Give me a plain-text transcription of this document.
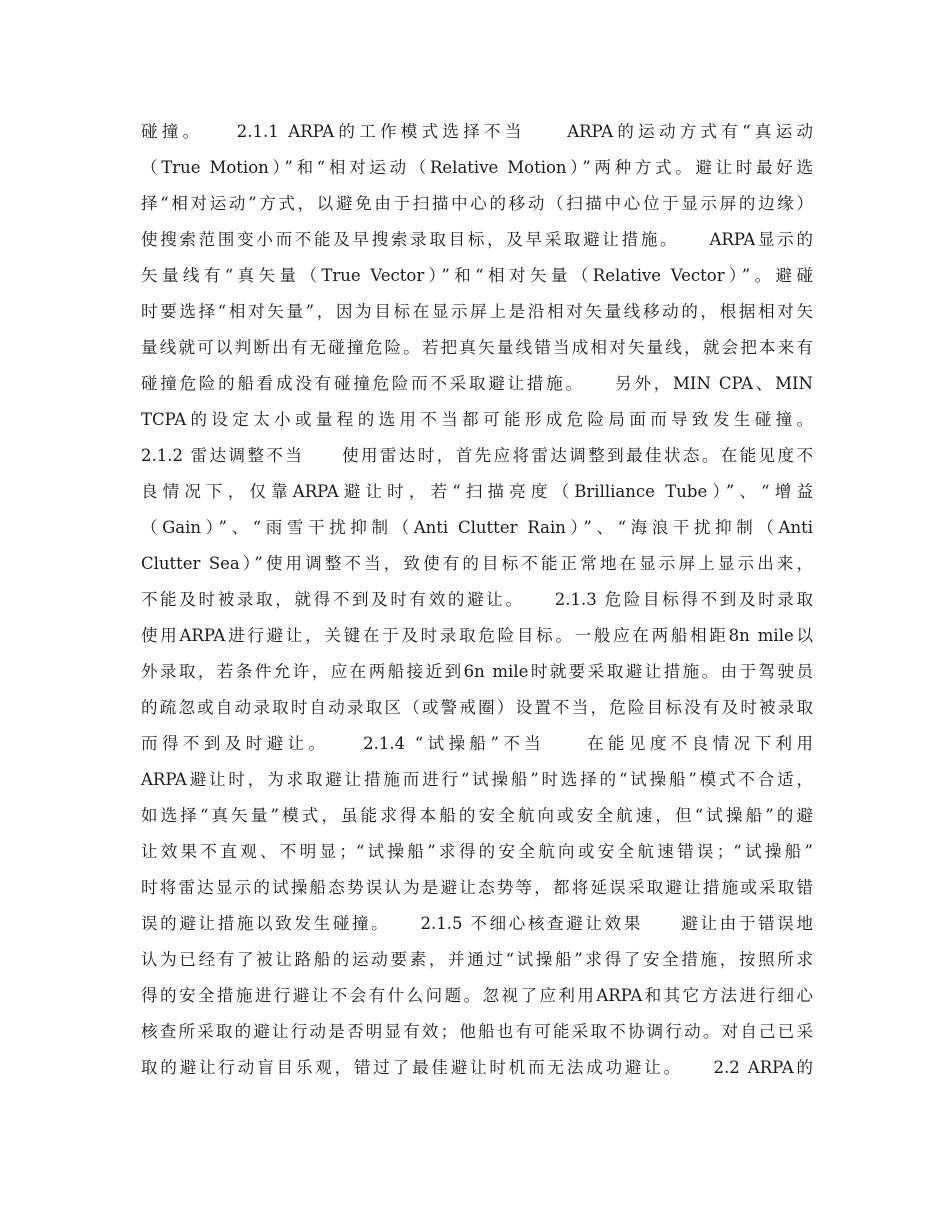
碰撞。　　2.1.1 ARPA的工作模式选择不当　　ARPA的运动方式有“真运动
（True Motion）”和“相对运动（Relative Motion）”两种方式。避让时最好选
择“相对运动”方式，以避免由于扫描中心的移动（扫描中心位于显示屏的边缘）
使搜索范围变小而不能及早搜索录取目标，及早采取避让措施。　　ARPA显示的
矢量线有“真矢量（True Vector）”和“相对矢量（Relative Vector）”。避碰
时要选择“相对矢量”，因为目标在显示屏上是沿相对矢量线移动的，根据相对矢
量线就可以判断出有无碰撞危险。若把真矢量线错当成相对矢量线，就会把本来有
碰撞危险的船看成没有碰撞危险而不采取避让措施。　　另外，MIN CPA、MIN
TCPA的设定太小或量程的选用不当都可能形成危险局面而导致发生碰撞。
2.1.2 雷达调整不当　　使用雷达时，首先应将雷达调整到最佳状态。在能见度不
良情况下，仅靠ARPA避让时，若“扫描亮度（Brilliance Tube）”、“增益
（Gain）”、“雨雪干扰抑制（Anti Clutter Rain）”、“海浪干扰抑制（Anti
Clutter Sea）”使用调整不当，致使有的目标不能正常地在显示屏上显示出来，
不能及时被录取，就得不到及时有效的避让。　　2.1.3 危险目标得不到及时录取
使用ARPA进行避让，关键在于及时录取危险目标。一般应在两船相距8n mile以
外录取，若条件允许，应在两船接近到6n mile时就要采取避让措施。由于驾驶员
的疏忽或自动录取时自动录取区（或警戒圈）设置不当，危险目标没有及时被录取
而得不到及时避让。　　2.1.4 “试操船”不当　　在能见度不良情况下利用
ARPA避让时，为求取避让措施而进行“试操船”时选择的“试操船”模式不合适，
如选择“真矢量”模式，虽能求得本船的安全航向或安全航速，但“试操船”的避
让效果不直观、不明显；“试操船”求得的安全航向或安全航速错误；“试操船”
时将雷达显示的试操船态势误认为是避让态势等，都将延误采取避让措施或采取错
误的避让措施以致发生碰撞。　　2.1.5 不细心核查避让效果　　避让由于错误地
认为已经有了被让路船的运动要素，并通过“试操船”求得了安全措施，按照所求
得的安全措施进行避让不会有什么问题。忽视了应利用ARPA和其它方法进行细心
核查所采取的避让行动是否明显有效；他船也有可能采取不协调行动。对自己已采
取的避让行动盲目乐观，错过了最佳避让时机而无法成功避让。　　2.2 ARPA的
